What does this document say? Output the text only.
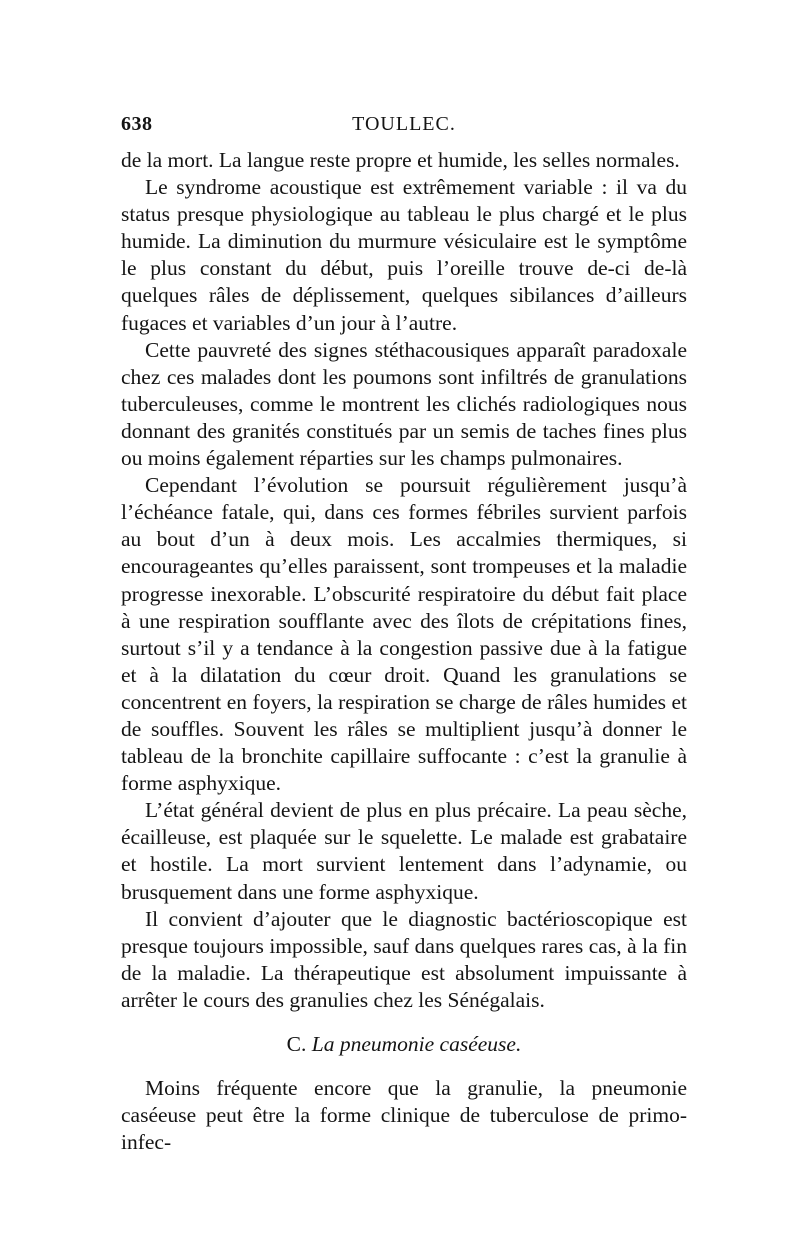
638	TOULLEC.

de la mort. La langue reste propre et humide, les selles normales.

Le syndrome acoustique est extrêmement variable : il va du status presque physiologique au tableau le plus chargé et le plus humide. La diminution du murmure vésiculaire est le symptôme le plus constant du début, puis l’oreille trouve de-ci de-là quelques râles de déplissement, quelques sibilances d’ailleurs fugaces et variables d’un jour à l’autre.

Cette pauvreté des signes stéthacousiques apparaît paradoxale chez ces malades dont les poumons sont infiltrés de granulations tuberculeuses, comme le montrent les clichés radiologiques nous donnant des granités constitués par un semis de taches fines plus ou moins également réparties sur les champs pulmonaires.

Cependant l’évolution se poursuit régulièrement jusqu’à l’échéance fatale, qui, dans ces formes fébriles survient parfois au bout d’un à deux mois. Les accalmies thermiques, si encourageantes qu’elles paraissent, sont trompeuses et la maladie progresse inexorable. L’obscurité respiratoire du début fait place à une respiration soufflante avec des îlots de crépitations fines, surtout s’il y a tendance à la congestion passive due à la fatigue et à la dilatation du cœur droit. Quand les granulations se concentrent en foyers, la respiration se charge de râles humides et de souffles. Souvent les râles se multiplient jusqu’à donner le tableau de la bronchite capillaire suffocante : c’est la granulie à forme asphyxique.

L’état général devient de plus en plus précaire. La peau sèche, écailleuse, est plaquée sur le squelette. Le malade est grabataire et hostile. La mort survient lentement dans l’adynamie, ou brusquement dans une forme asphyxique.

Il convient d’ajouter que le diagnostic bactérioscopique est presque toujours impossible, sauf dans quelques rares cas, à la fin de la maladie. La thérapeutique est absolument impuissante à arrêter le cours des granulies chez les Sénégalais.

C. La pneumonie caséeuse.

Moins fréquente encore que la granulie, la pneumonie caséeuse peut être la forme clinique de tuberculose de primo-infec-
